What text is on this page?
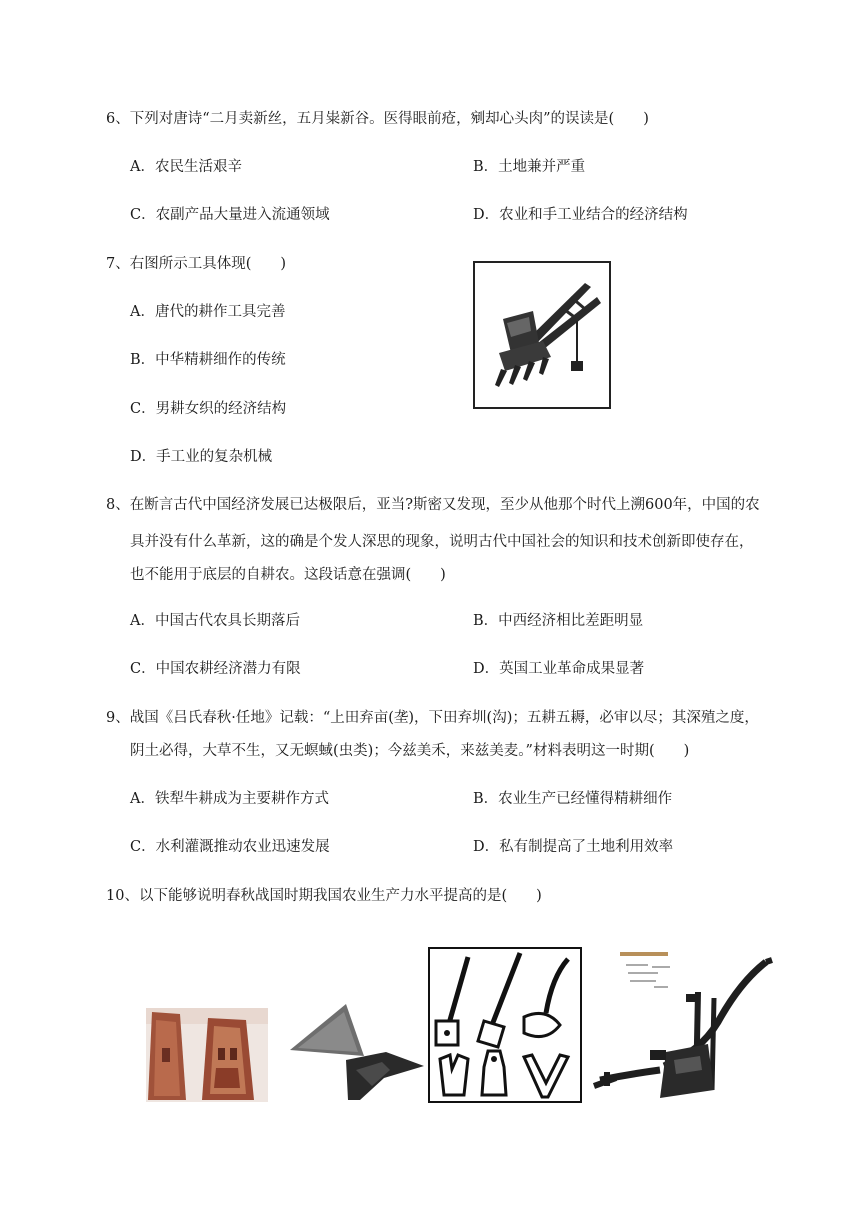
6、下列对唐诗“二月卖新丝，五月粜新谷。医得眼前疮，剜却心头肉”的误读是(　　)
A．农民生活艰辛	B．土地兼并严重
C．农副产品大量进入流通领域	D．农业和手工业结合的经济结构
7、右图所示工具体现(　　)
A．唐代的耕作工具完善
B．中华精耕细作的传统
C．男耕女织的经济结构
D．手工业的复杂机械
8、在断言古代中国经济发展已达极限后，亚当?斯密又发现，至少从他那个时代上溯600年，中国的农
具并没有什么革新，这的确是个发人深思的现象，说明古代中国社会的知识和技术创新即使存在，
也不能用于底层的自耕农。这段话意在强调(　　)
A．中国古代农具长期落后	B．中西经济相比差距明显
C．中国农耕经济潜力有限	D．英国工业革命成果显著
9、战国《吕氏春秋·任地》记载：“上田弃亩(垄)，下田弃圳(沟)；五耕五耨，必审以尽；其深殖之度，
阴土必得，大草不生，又无螟蜮(虫类)；今兹美禾，来兹美麦。”材料表明这一时期(　　)
A．铁犁牛耕成为主要耕作方式	B．农业生产已经懂得精耕细作
C．水利灌溉推动农业迅速发展	D．私有制提高了土地利用效率
10、以下能够说明春秋战国时期我国农业生产力水平提高的是(　　)
